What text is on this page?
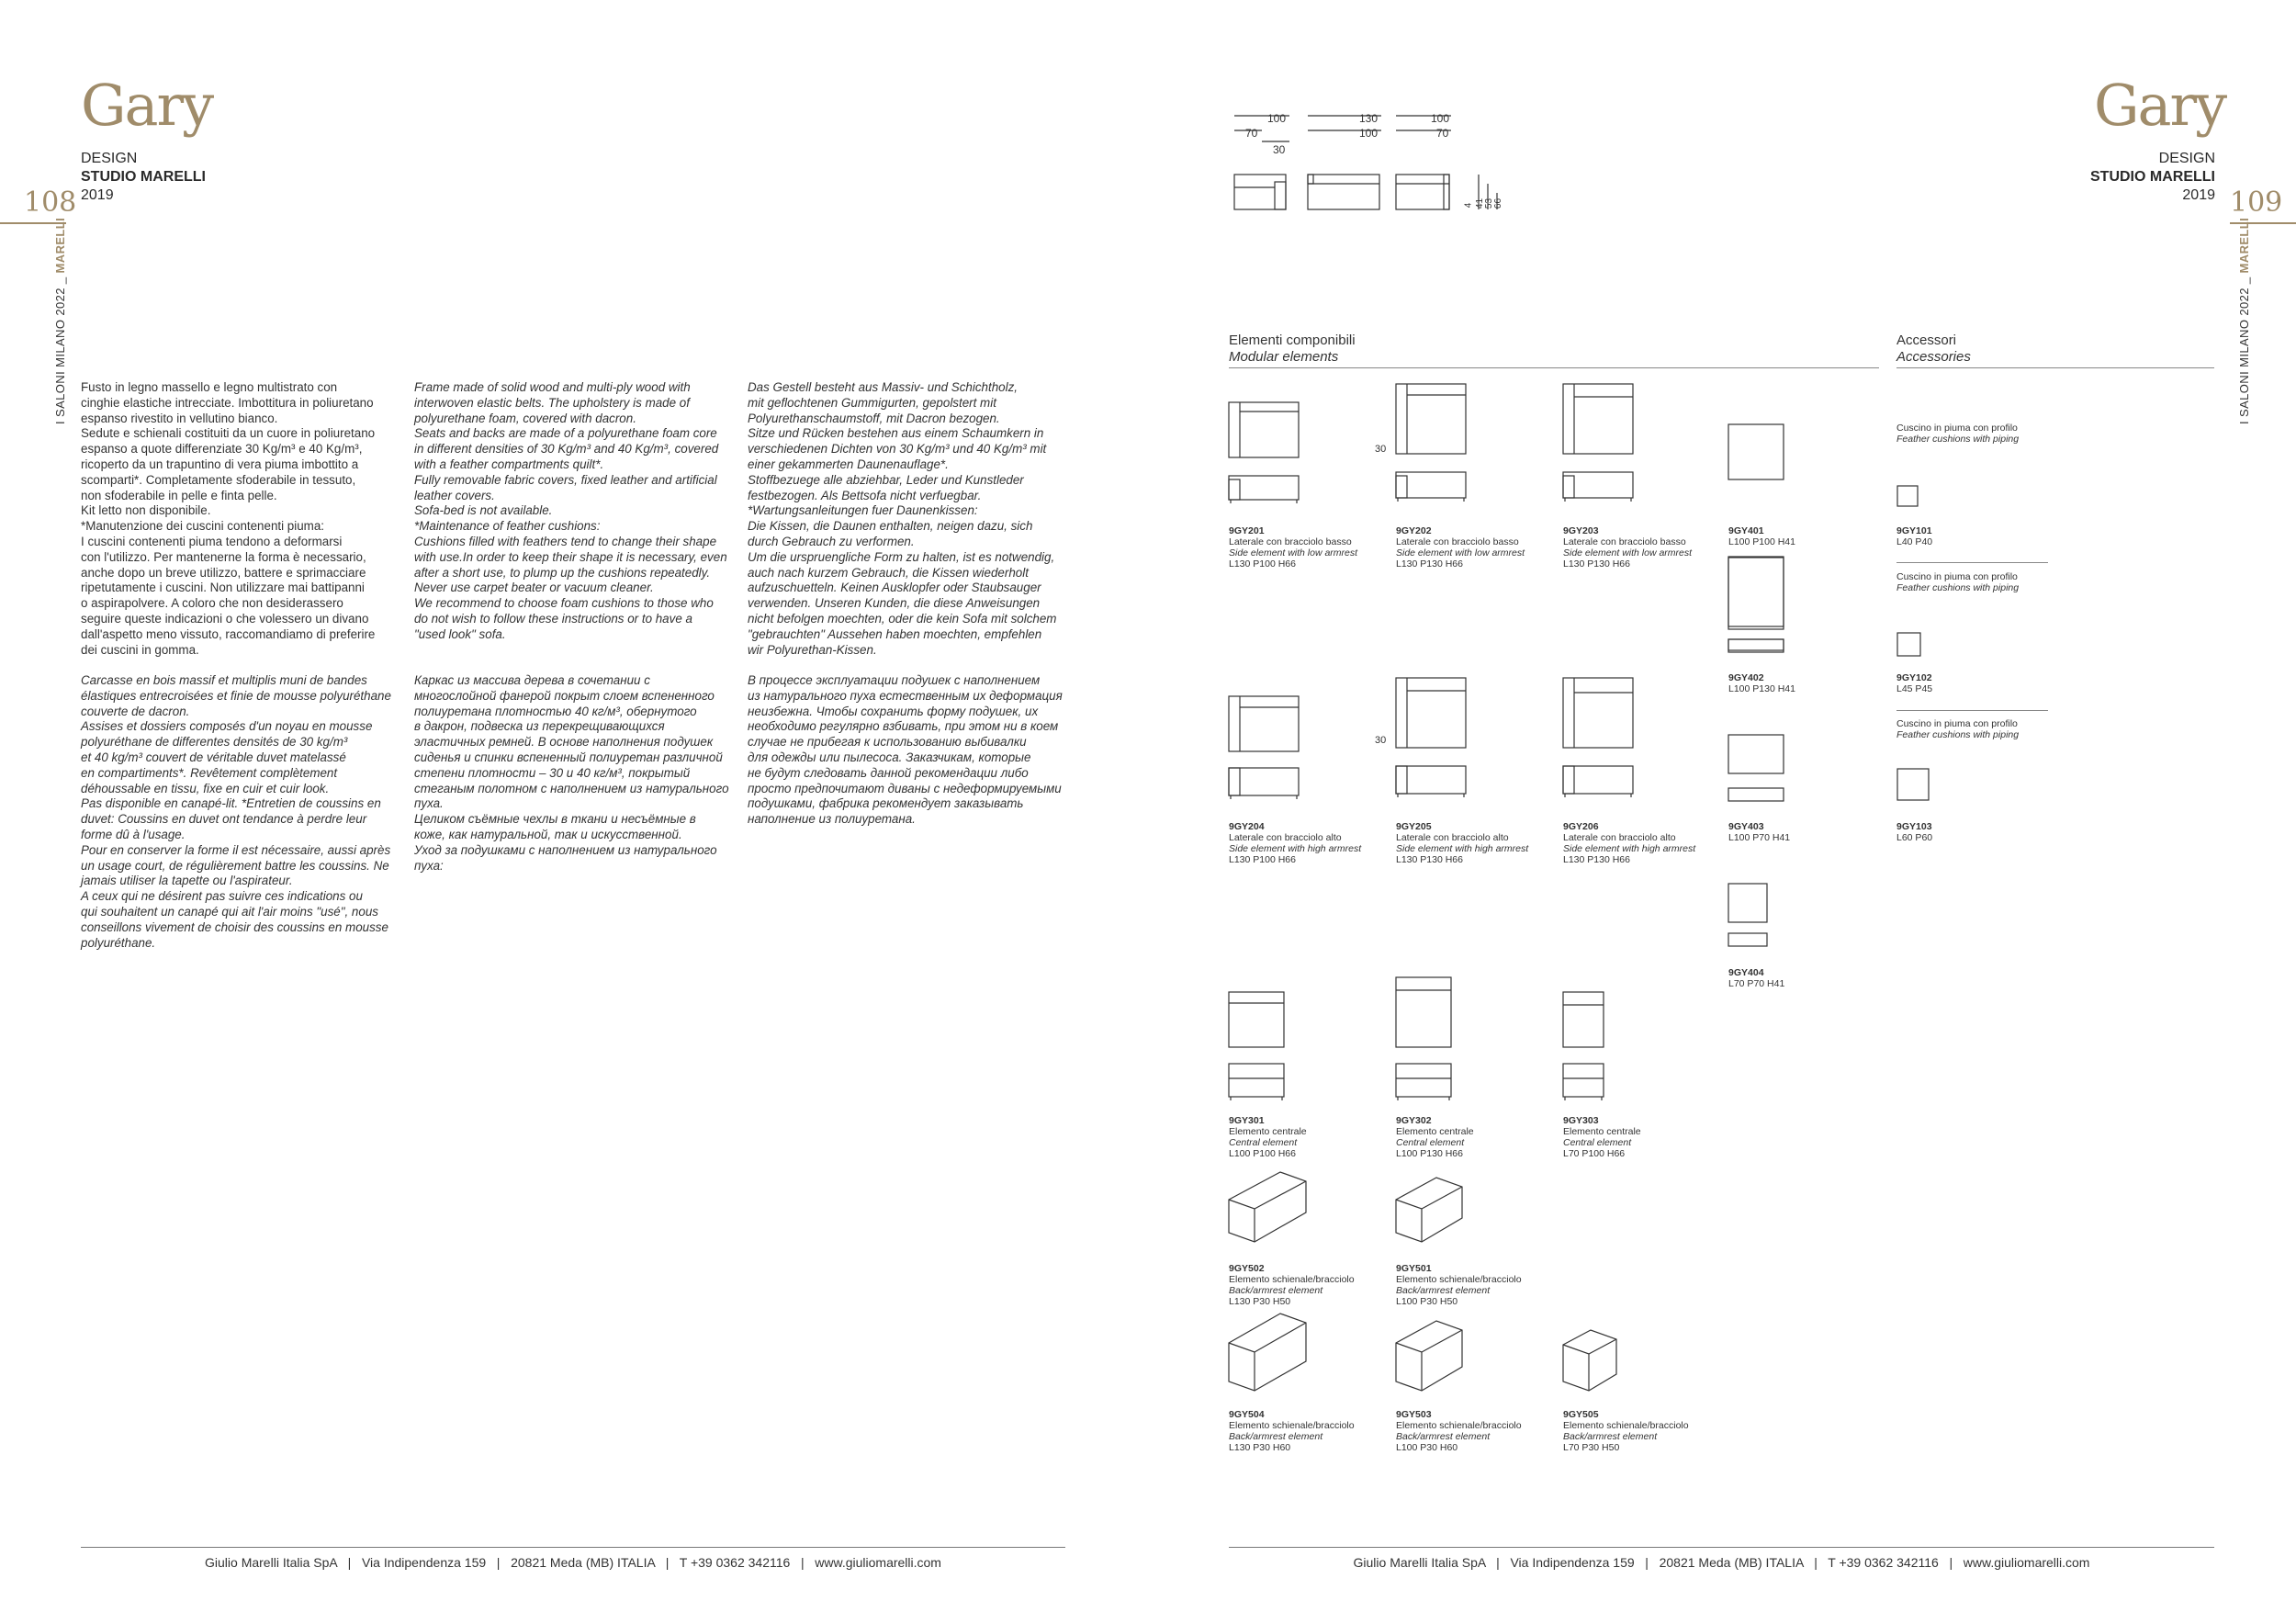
Gary
DESIGN
STUDIO MARELLI
2019
108
I SALONI MILANO 2022 _ MARELLI
Fusto in legno massello e legno multistrato con
cinghie elastiche intrecciate. Imbottitura in poliuretano
espanso rivestito in vellutino bianco.
Sedute e schienali costituiti da un cuore in poliuretano
espanso a quote differenziate 30 Kg/m³ e 40 Kg/m³,
ricoperto da un trapuntino di vera piuma imbottito a
scomparti*. Completamente sfoderabile in tessuto,
non sfoderabile in pelle e finta pelle.
Kit letto non disponibile.
*Manutenzione dei cuscini contenenti piuma:
I cuscini contenenti piuma tendono a deformarsi
con l'utilizzo. Per mantenerne la forma è necessario,
anche dopo un breve utilizzo, battere e sprimacciare
ripetutamente i cuscini. Non utilizzare mai battipanni
o aspirapolvere. A coloro che non desiderassero
seguire queste indicazioni o che volessero un divano
dall'aspetto meno vissuto, raccomandiamo di preferire
dei cuscini in gomma.
Frame made of solid wood and multi-ply wood with
interwoven elastic belts. The upholstery is made of
polyurethane foam, covered with dacron.
Seats and backs are made of a polyurethane foam core
in different densities of 30 Kg/m³ and 40 Kg/m³, covered
with a feather compartments quilt*.
Fully removable fabric covers, fixed leather and artificial
leather covers.
Sofa-bed is not available.
*Maintenance of feather cushions:
Cushions filled with feathers tend to change their shape
with use.In order to keep their shape it is necessary, even
after a short use, to plump up the cushions repeatedly.
Never use carpet beater or vacuum cleaner.
We recommend to choose foam cushions to those who
do not wish to follow these instructions or to have a
"used look" sofa.
Das Gestell besteht aus Massiv- und Schichtholz,
mit geflochtenen Gummigurten, gepolstert mit
Polyurethanschaumstoff, mit Dacron bezogen.
Sitze und Rücken bestehen aus einem Schaumkern in
verschiedenen Dichten von 30 Kg/m³ und 40 Kg/m³ mit
einer gekammerten Daunenauflage*.
Stoffbezuege alle abziehbar, Leder und Kunstleder
festbezogen. Als Bettsofa nicht verfuegbar.
*Wartungsanleitungen fuer Daunenkissen:
Die Kissen, die Daunen enthalten, neigen dazu, sich
durch Gebrauch zu verformen.
Um die urspruengliche Form zu halten, ist es notwendig,
auch nach kurzem Gebrauch, die Kissen wiederholt
aufzuschuetteln. Keinen Ausklopfer oder Staubsauger
verwenden. Unseren Kunden, die diese Anweisungen
nicht befolgen moechten, oder die kein Sofa mit solchem
"gebrauchten" Aussehen haben moechten, empfehlen
wir Polyurethan-Kissen.
Carcasse en bois massif et multiplis muni de bandes
élastiques entrecroisées et finie de mousse polyuréthane
couverte de dacron.
Assises et dossiers composés d'un noyau en mousse
polyuréthane de differentes densités de 30 kg/m³
et 40 kg/m³ couvert de véritable duvet matelassé
en compartiments*. Revêtement complètement
déhoussable en tissu, fixe en cuir et cuir look.
Pas disponible en canapé-lit. *Entretien de coussins en
duvet: Coussins en duvet ont tendance à perdre leur
forme dû à l'usage.
Pour en conserver la forme il est nécessaire, aussi après
un usage court, de régulièrement battre les coussins. Ne
jamais utiliser la tapette ou l'aspirateur.
A ceux qui ne désirent pas suivre ces indications ou
qui souhaitent un canapé qui ait l'air moins "usé", nous
conseillons vivement de choisir des coussins en mousse
polyuréthane.
Каркас из массива дерева в сочетании с
многослойной фанерой покрыт слоем вспененного
полиуретана плотностью 40 кг/м³, обернутого
в дакрон, подвеска из перекрещивающихся
эластичных ремней. В основе наполнения подушек
сиденья и спинки вспененный полиуретан различной
степени плотности – 30 и 40 кг/м³, покрытый
стеганым полотном с наполнением из натурального
пуха.
Целиком съёмные чехлы в ткани и несъёмные в
коже, как натуральной, так и искусственной.
Уход за подушками с наполнением из натурального
пуха:
В процессе эксплуатации подушек с наполнением
из натурального пуха естественным их деформация
неизбежна. Чтобы сохранить форму подушек, их
необходимо регулярно взбивать, при этом ни в коем
случае не прибегая к использованию выбивалки
для одежды или пылесоса. Заказчикам, которые
не будут следовать данной рекомендации либо
просто предпочитают диваны с недеформируемыми
подушками, фабрика рекомендует заказывать
наполнение из полиуретана.
Giulio Marelli Italia SpA   |   Via Indipendenza 159   |   20821 Meda (MB) ITALIA   |   T +39 0362 342116   |   www.giuliomarelli.com
Gary
DESIGN
STUDIO MARELLI
2019 109
I SALONI MILANO 2022 _ MARELLI
100	130	100
70	100	70
30
4 41 53 66
Elementi componibili
Modular elements
Accessori
Accessories
30
9GY201
Laterale con bracciolo basso
Side element with low armrest
L130 P100 H66
9GY202
Laterale con bracciolo basso
Side element with low armrest
L130 P130 H66
9GY203
Laterale con bracciolo basso
Side element with low armrest
L130 P130 H66
9GY401
L100 P100 H41
9GY402
L100 P130 H41
30
9GY204
Laterale con bracciolo alto
Side element with high armrest
L130 P100 H66
9GY205
Laterale con bracciolo alto
Side element with high armrest
L130 P130 H66
9GY206
Laterale con bracciolo alto
Side element with high armrest
L130 P130 H66
9GY403
L100 P70 H41
9GY404
L70 P70 H41
9GY301
Elemento centrale
Central element
L100 P100 H66
9GY302
Elemento centrale
Central element
L100 P130 H66
9GY303
Elemento centrale
Central element
L70 P100 H66
9GY502
Elemento schienale/bracciolo
Back/armrest element
L130 P30 H50
9GY501
Elemento schienale/bracciolo
Back/armrest element
L100 P30 H50
9GY504
Elemento schienale/bracciolo
Back/armrest element
L130 P30 H60
9GY503
Elemento schienale/bracciolo
Back/armrest element
L100 P30 H60
9GY505
Elemento schienale/bracciolo
Back/armrest element
L70 P30 H50
Cuscino in piuma con profilo
Feather cushions with piping
9GY101
L40 P40
Cuscino in piuma con profilo
Feather cushions with piping
9GY102
L45 P45
Cuscino in piuma con profilo
Feather cushions with piping
9GY103
L60 P60
Giulio Marelli Italia SpA   |   Via Indipendenza 159   |   20821 Meda (MB) ITALIA   |   T +39 0362 342116   |   www.giuliomarelli.com
